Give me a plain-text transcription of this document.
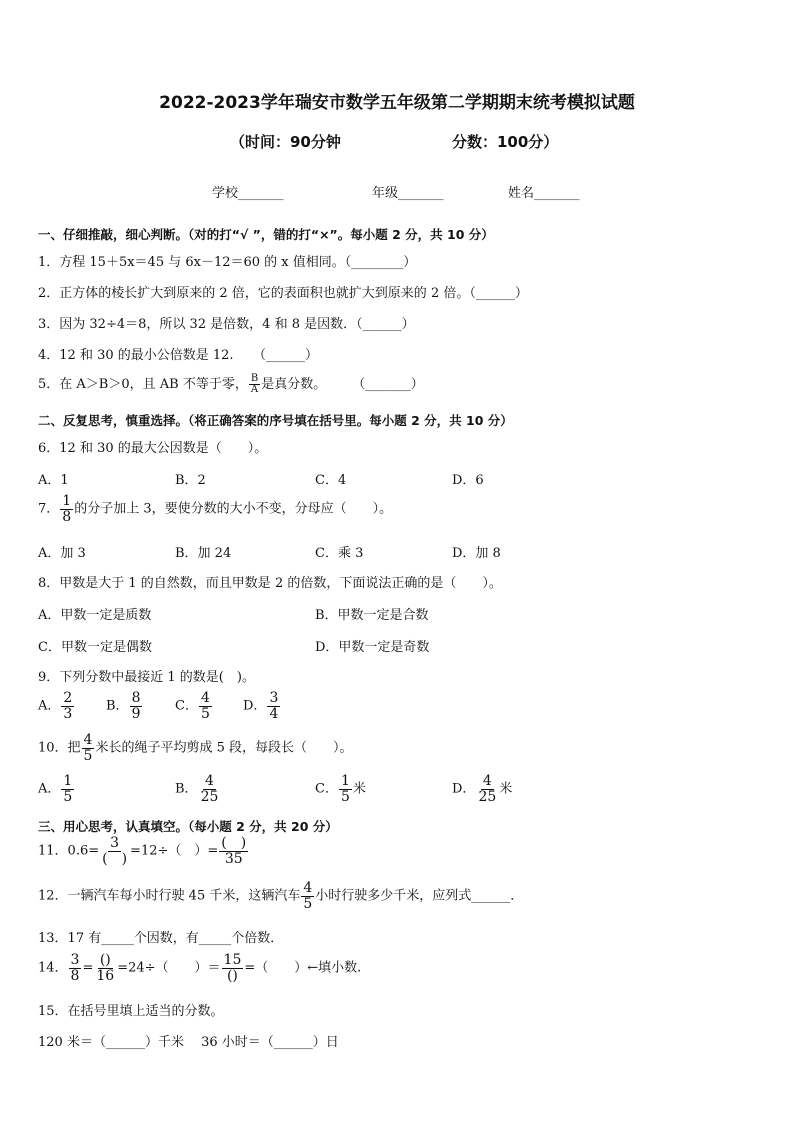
2022-2023学年瑞安市数学五年级第二学期期末统考模拟试题
（时间：90分钟	分数：100分）
学校_______	年级_______	姓名_______
一、仔细推敲，细心判断。（对的打“√ ”，错的打“×”。每小题 2 分，共 10 分）
1．方程 15＋5x＝45 与 6x－12＝60 的 x 值相同。（________）
2．正方体的棱长扩大到原来的 2 倍，它的表面积也就扩大到原来的 2 倍。（______）
3．因为 32÷4＝8，所以 32 是倍数，4 和 8 是因数．（______）
4．12 和 30 的最小公倍数是 12.　　（______）
5．在 A＞B＞0，且 AB 不等于零， $\frac{B}{A}$ 是真分数。　　　（_______）
二、反复思考，慎重选择。（将正确答案的序号填在括号里。每小题 2 分，共 10 分）
6．12 和 30 的最大公因数是（　　）。
A．1	B．2	C．4	D．6
7． $\frac{1}{8}$ 的分子加上 3，要使分数的大小不变，分母应（　　）。
A．加 3	B．加 24	C．乘 3	D．加 8
8．甲数是大于 1 的自然数，而且甲数是 2 的倍数，下面说法正确的是（　　）。
A．甲数一定是质数	B．甲数一定是合数
C．甲数一定是偶数	D．甲数一定是奇数
9．下列分数中最接近 1 的数是(　)。
A． $\frac{2}{3}$ B． $\frac{8}{9}$	C． $\frac{4}{5}$ D． $\frac{3}{4}$
10．把 $\frac{4}{5}$ 米长的绳子平均剪成 5 段，每段长（　　）。
A． $\frac{1}{5}$	B． $\frac{4}{25}$	C． $\frac{1}{5}$ 米	D． $\frac{4}{25}$ 米
三、用心思考，认真填空。（每小题 2 分，共 20 分）
11．$0.6= \frac{3}{( )} =12\div$（　）= $\frac{( )}{35}$
12．一辆汽车每小时行驶 45 千米，这辆汽车 $\frac{4}{5}$ 小时行驶多少千米，应列式______．
13．17 有_____个因数，有_____个倍数．
14． $\frac{3}{8} = \frac{()}{16} =24\div$（　　）＝ $\frac{15}{()}$ =（　　）←填小数.
15．在括号里填上适当的分数。
120 米＝（______）千米　 36 小时＝（______）日
